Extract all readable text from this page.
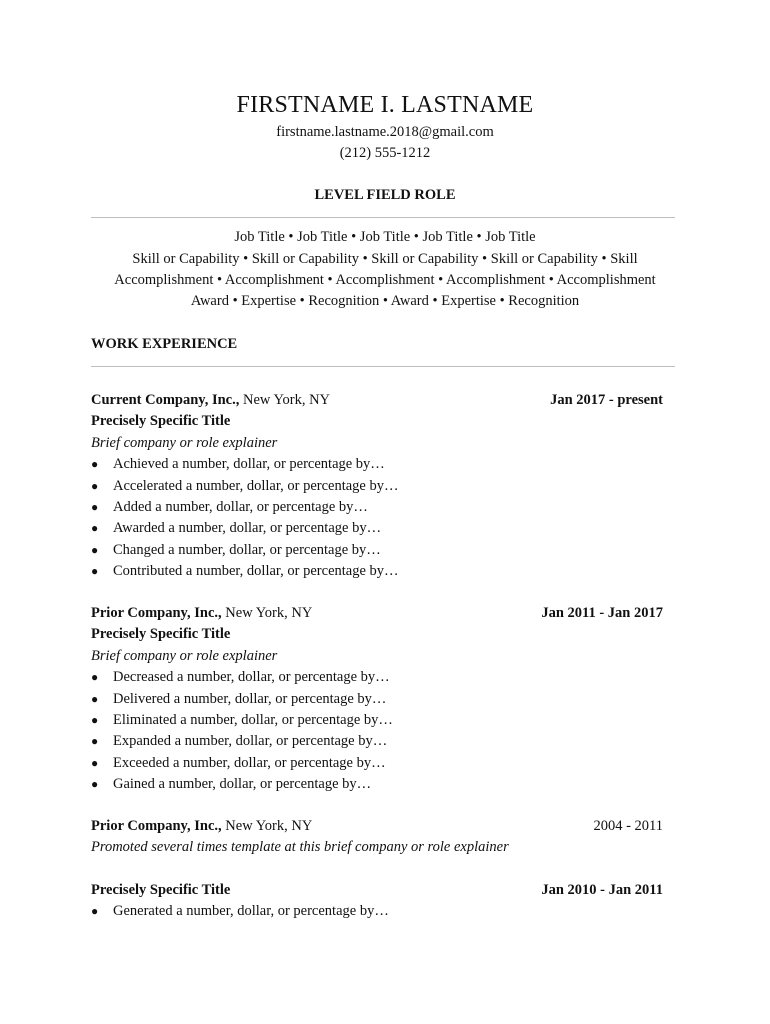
FIRSTNAME I. LASTNAME
firstname.lastname.2018@gmail.com
(212) 555-1212
LEVEL FIELD ROLE
Job Title • Job Title • Job Title • Job Title • Job Title
Skill or Capability • Skill or Capability • Skill or Capability • Skill or Capability • Skill
Accomplishment • Accomplishment • Accomplishment • Accomplishment • Accomplishment
Award • Expertise • Recognition • Award • Expertise • Recognition
WORK EXPERIENCE
Current Company, Inc., New York, NY	Jan 2017 - present
Precisely Specific Title
Brief company or role explainer
●	Achieved a number, dollar, or percentage by…
●	Accelerated a number, dollar, or percentage by…
●	Added a number, dollar, or percentage by…
●	Awarded a number, dollar, or percentage by…
●	Changed a number, dollar, or percentage by…
●	Contributed a number, dollar, or percentage by…
Prior Company, Inc., New York, NY	Jan 2011 - Jan 2017
Precisely Specific Title
Brief company or role explainer
●	Decreased a number, dollar, or percentage by…
●	Delivered a number, dollar, or percentage by…
●	Eliminated a number, dollar, or percentage by…
●	Expanded a number, dollar, or percentage by…
●	Exceeded a number, dollar, or percentage by…
●	Gained a number, dollar, or percentage by…
Prior Company, Inc., New York, NY	2004 - 2011
Promoted several times template at this brief company or role explainer
Precisely Specific Title	Jan 2010 - Jan 2011
●	Generated a number, dollar, or percentage by…
